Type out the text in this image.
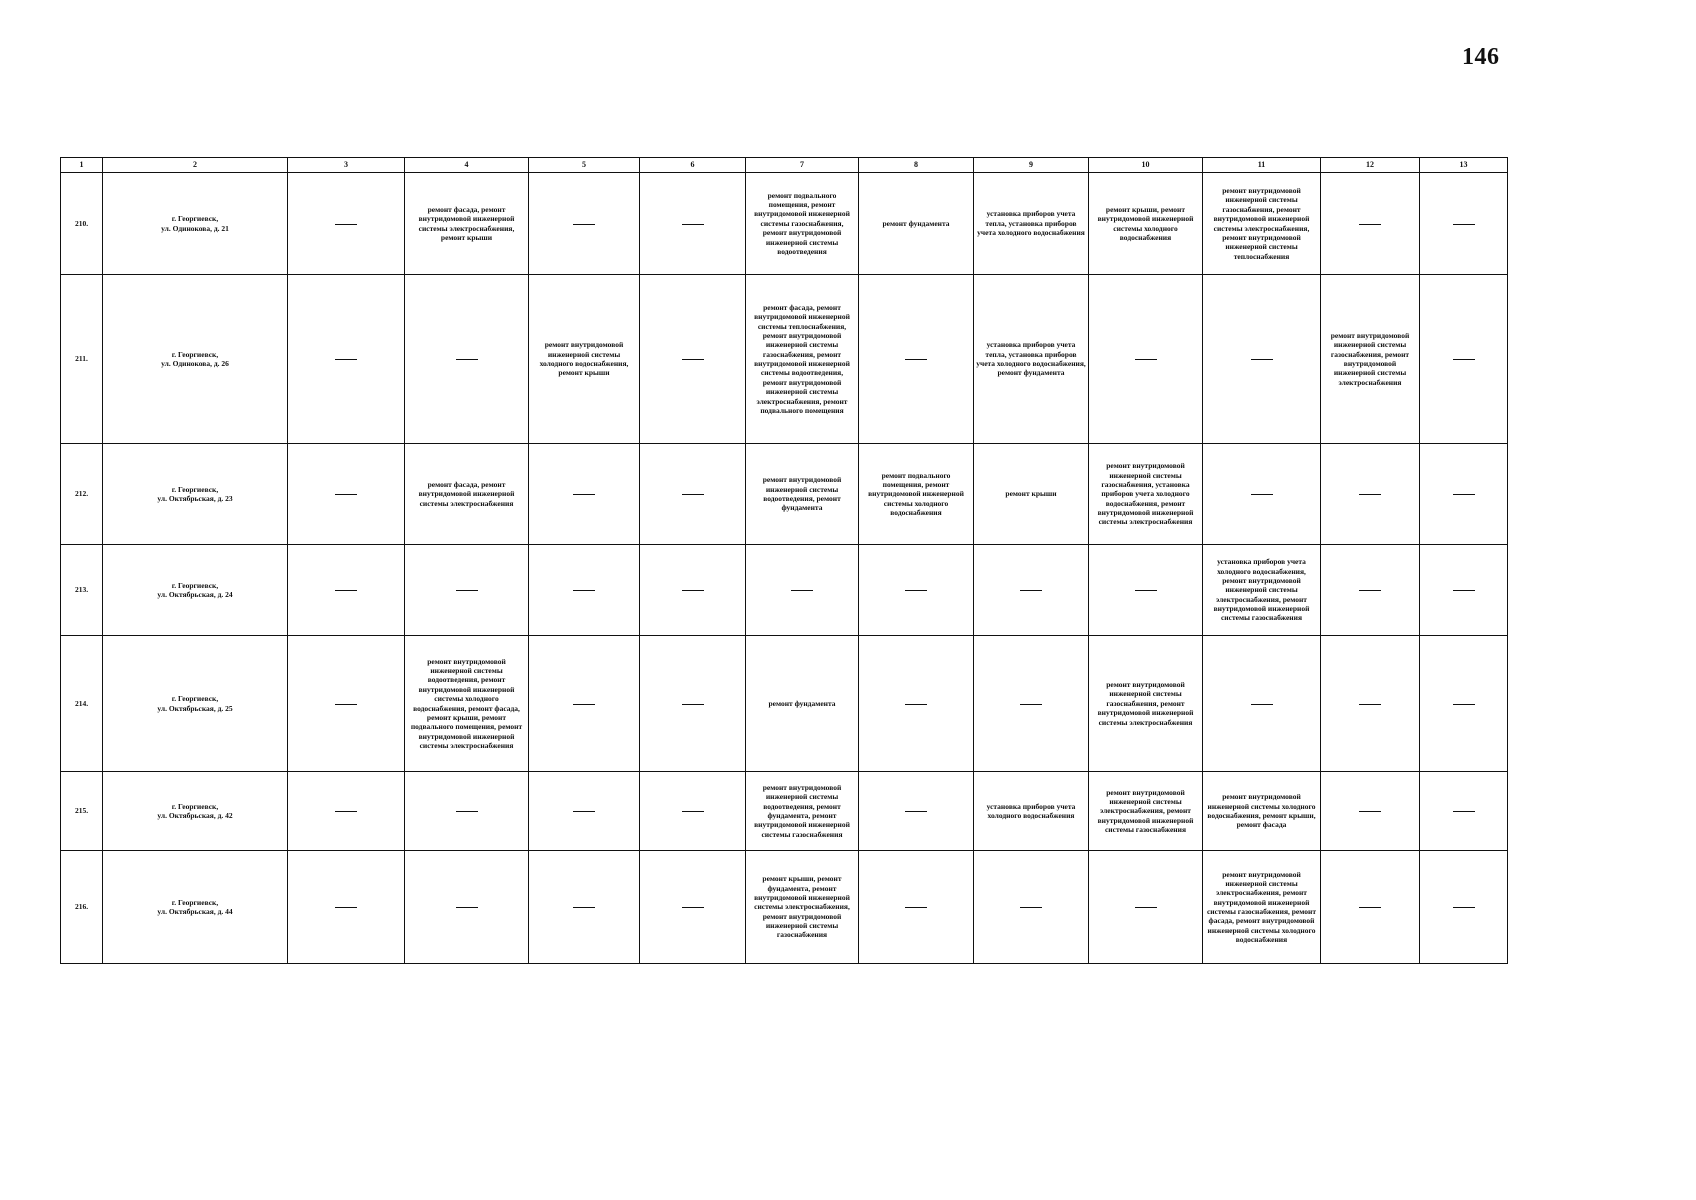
146
1	2	3	4	5	6	7	8	9	10	11	12	13
210.	г. Георгиевск,
ул. Одинокова, д. 21		ремонт фасада, ремонт внутридомовой инженерной системы электроснабжения, ремонт крыши			ремонт подвального помещения, ремонт внутридомовой инженерной системы газоснабжения, ремонт внутридомовой инженерной системы водоотведения	ремонт фундамента	установка приборов учета тепла, установка приборов учета холодного водоснабжения	ремонт крыши, ремонт внутридомовой инженерной системы холодного водоснабжения	ремонт внутридомовой инженерной системы газоснабжения, ремонт внутридомовой инженерной системы электроснабжения, ремонт внутридомовой инженерной системы теплоснабжения		
211.	г. Георгиевск,
ул. Одинокова, д. 26			ремонт внутридомовой инженерной системы холодного водоснабжения, ремонт крыши		ремонт фасада, ремонт внутридомовой инженерной системы теплоснабжения, ремонт внутридомовой инженерной системы газоснабжения, ремонт внутридомовой инженерной системы водоотведения, ремонт внутридомовой инженерной системы электроснабжения, ремонт подвального помещения		установка приборов учета тепла, установка приборов учета холодного водоснабжения, ремонт фундамента			ремонт внутридомовой инженерной системы газоснабжения, ремонт внутридомовой инженерной системы электроснабжения	
212.	г. Георгиевск,
ул. Октябрьская, д. 23		ремонт фасада, ремонт внутридомовой инженерной системы электроснабжения			ремонт внутридомовой инженерной системы водоотведения, ремонт фундамента	ремонт подвального помещения, ремонт внутридомовой инженерной системы холодного водоснабжения	ремонт крыши	ремонт внутридомовой инженерной системы газоснабжения, установка приборов учета холодного водоснабжения, ремонт внутридомовой инженерной системы электроснабжения			
213.	г. Георгиевск,
ул. Октябрьская, д. 24									установка приборов учета холодного водоснабжения, ремонт внутридомовой инженерной системы электроснабжения, ремонт внутридомовой инженерной системы газоснабжения		
214.	г. Георгиевск,
ул. Октябрьская, д. 25		ремонт внутридомовой инженерной системы водоотведения, ремонт внутридомовой инженерной системы холодного водоснабжения, ремонт фасада, ремонт крыши, ремонт подвального помещения, ремонт внутридомовой инженерной системы электроснабжения			ремонт фундамента			ремонт внутридомовой инженерной системы газоснабжения, ремонт внутридомовой инженерной системы электроснабжения			
215.	г. Георгиевск,
ул. Октябрьская, д. 42					ремонт внутридомовой инженерной системы водоотведения, ремонт фундамента, ремонт внутридомовой инженерной системы газоснабжения		установка приборов учета холодного водоснабжения	ремонт внутридомовой инженерной системы электроснабжения, ремонт внутридомовой инженерной системы газоснабжения	ремонт внутридомовой инженерной системы холодного водоснабжения, ремонт крыши, ремонт фасада		
216.	г. Георгиевск,
ул. Октябрьская, д. 44					ремонт крыши, ремонт фундамента, ремонт внутридомовой инженерной системы электроснабжения, ремонт внутридомовой инженерной системы газоснабжения				ремонт внутридомовой инженерной системы электроснабжения, ремонт внутридомовой инженерной системы газоснабжения, ремонт фасада, ремонт внутридомовой инженерной системы холодного водоснабжения		
